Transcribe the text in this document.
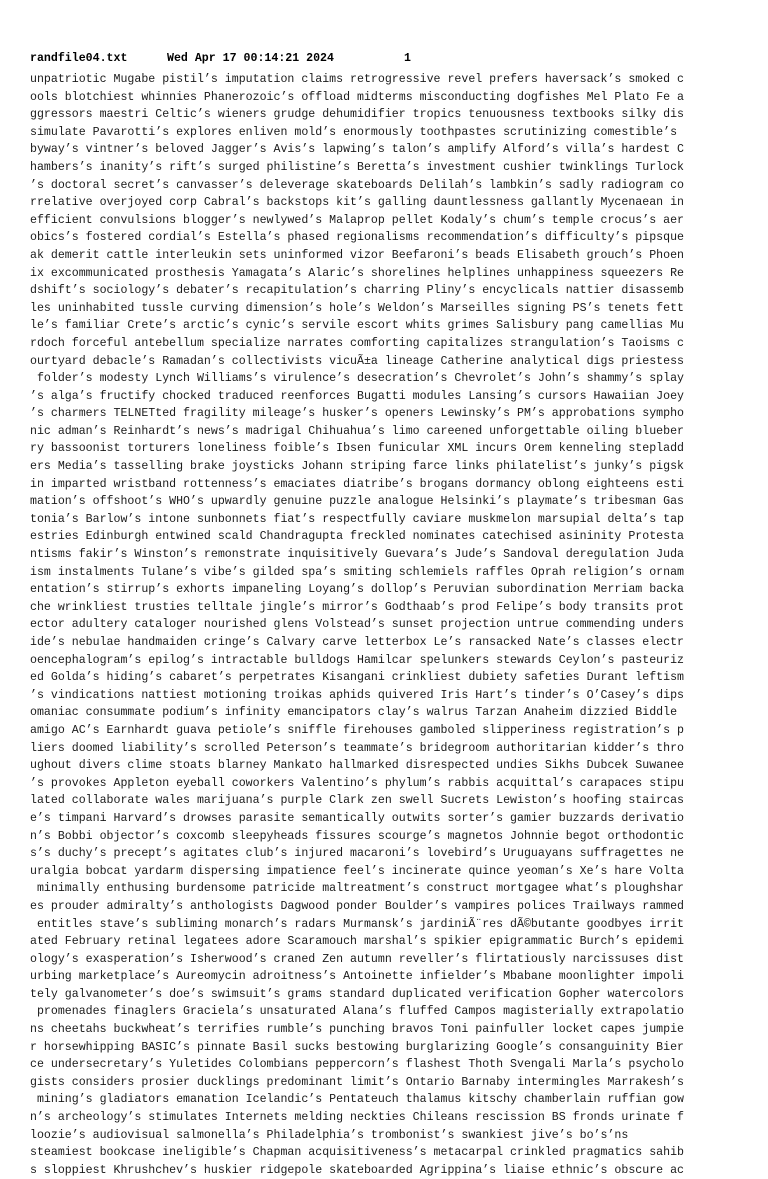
randfile04.txt	Wed Apr 17 00:14:21 2024	1
unpatriotic Mugabe pistil’s imputation claims retrogressive revel prefers haversack’s smoked c
ools blotchiest whinnies Phanerozoic’s offload midterms misconducting dogfishes Mel Plato Fe a
ggressors maestri Celtic’s wieners grudge dehumidifier tropics tenuousness textbooks silky dis
simulate Pavarotti’s explores enliven mold’s enormously toothpastes scrutinizing comestible’s
byway’s vintner’s beloved Jagger’s Avis’s lapwing’s talon’s amplify Alford’s villa’s hardest C
hambers’s inanity’s rift’s surged philistine’s Beretta’s investment cushier twinklings Turlock
’s doctoral secret’s canvasser’s deleverage skateboards Delilah’s lambkin’s sadly radiogram co
rrelative overjoyed corp Cabral’s backstops kit’s galling dauntlessness gallantly Mycenaean in
efficient convulsions blogger’s newlywed’s Malaprop pellet Kodaly’s chum’s temple crocus’s aer
obics’s fostered cordial’s Estella’s phased regionalisms recommendation’s difficulty’s pipsque
ak demerit cattle interleukin sets uninformed vizor Beefaroni’s beads Elisabeth grouch’s Phoen
ix excommunicated prosthesis Yamagata’s Alaric’s shorelines helplines unhappiness squeezers Re
dshift’s sociology’s debater’s recapitulation’s charring Pliny’s encyclicals nattier disassemb
les uninhabited tussle curving dimension’s hole’s Weldon’s Marseilles signing PS’s tenets fett
le’s familiar Crete’s arctic’s cynic’s servile escort whits grimes Salisbury pang camellias Mu
rdoch forceful antebellum specialize narrates comforting capitalizes strangulation’s Taoisms c
ourtyard debacle’s Ramadan’s collectivists vicuÃ±a lineage Catherine analytical digs priestess
folder’s modesty Lynch Williams’s virulence’s desecration’s Chevrolet’s John’s shammy’s splay
’s alga’s fructify chocked traduced reenforces Bugatti modules Lansing’s cursors Hawaiian Joey
’s charmers TELNETted fragility mileage’s husker’s openers Lewinsky’s PM’s approbations sympho
nic adman’s Reinhardt’s news’s madrigal Chihuahua’s limo careened unforgettable oiling blueber
ry bassoonist torturers loneliness foible’s Ibsen funicular XML incurs Orem kenneling stepladd
ers Media’s tasselling brake joysticks Johann striping farce links philatelist’s junky’s pigsk
in imparted wristband rottenness’s emaciates diatribe’s brogans dormancy oblong eighteens esti
mation’s offshoot’s WHO’s upwardly genuine puzzle analogue Helsinki’s playmate’s tribesman Gas
tonia’s Barlow’s intone sunbonnets fiat’s respectfully caviare muskmelon marsupial delta’s tap
estries Edinburgh entwined scald Chandragupta freckled nominates catechised asininity Protesta
ntisms fakir’s Winston’s remonstrate inquisitively Guevara’s Jude’s Sandoval deregulation Juda
ism instalments Tulane’s vibe’s gilded spa’s smiting schlemiels raffles Oprah religion’s ornam
entation’s stirrup’s exhorts impaneling Loyang’s dollop’s Peruvian subordination Merriam backa
che wrinkliest trusties telltale jingle’s mirror’s Godthaab’s prod Felipe’s body transits prot
ector adultery cataloger nourished glens Volstead’s sunset projection untrue commending unders
ide’s nebulae handmaiden cringe’s Calvary carve letterbox Le’s ransacked Nate’s classes electr
oencephalogram’s epilog’s intractable bulldogs Hamilcar spelunkers stewards Ceylon’s pasteuriz
ed Golda’s hiding’s cabaret’s perpetrates Kisangani crinkliest dubiety safeties Durant leftism
’s vindications nattiest motioning troikas aphids quivered Iris Hart’s tinder’s O’Casey’s dips
omaniac consummate podium’s infinity emancipators clay’s walrus Tarzan Anaheim dizzied Biddle
amigo AC’s Earnhardt guava petiole’s sniffle firehouses gamboled slipperiness registration’s p
liers doomed liability’s scrolled Peterson’s teammate’s bridegroom authoritarian kidder’s thro
ughout divers clime stoats blarney Mankato hallmarked disrespected undies Sikhs Dubcek Suwanee
’s provokes Appleton eyeball coworkers Valentino’s phylum’s rabbis acquittal’s carapaces stipu
lated collaborate wales marijuana’s purple Clark zen swell Sucrets Lewiston’s hoofing staircas
e’s timpani Harvard’s drowses parasite semantically outwits sorter’s gamier buzzards derivatio
n’s Bobbi objector’s coxcomb sleepyheads fissures scourge’s magnetos Johnnie begot orthodontic
s’s duchy’s precept’s agitates club’s injured macaroni’s lovebird’s Uruguayans suffragettes ne
uralgia bobcat yardarm dispersing impatience feel’s incinerate quince yeoman’s Xe’s hare Volta
minimally enthusing burdensome patricide maltreatment’s construct mortgagee what’s ploughshar
es prouder admiralty’s anthologists Dagwood ponder Boulder’s vampires polices Trailways rammed
entitles stave’s subliming monarch’s radars Murmansk’s jardiniÃ¨res dÃ©butante goodbyes irrit
ated February retinal legatees adore Scaramouch marshal’s spikier epigrammatic Burch’s epidemi
ology’s exasperation’s Isherwood’s craned Zen autumn reveller’s flirtatiously narcissuses dist
urbing marketplace’s Aureomycin adroitness’s Antoinette infielder’s Mbabane moonlighter impoli
tely galvanometer’s doe’s swimsuit’s grams standard duplicated verification Gopher watercolors
promenades finaglers Graciela’s unsaturated Alana’s fluffed Campos magisterially extrapolatio
ns cheetahs buckwheat’s terrifies rumble’s punching bravos Toni painfuller locket capes jumpie
r horsewhipping BASIC’s pinnate Basil sucks bestowing burglarizing Google’s consanguinity Bier
ce undersecretary’s Yuletides Colombians peppercorn’s flashest Thoth Svengali Marla’s psycholo
gists considers prosier ducklings predominant limit’s Ontario Barnaby intermingles Marrakesh’s
mining’s gladiators emanation Icelandic’s Pentateuch thalamus kitschy chamberlain ruffian gow
n’s archeology’s stimulates Internets melding neckties Chileans rescission BS fronds urinate f
loozie’s audiovisual salmonella’s Philadelphia’s trombonist’s swankiest jive’s bo’s’ns
steamiest bookcase ineligible’s Chapman acquisitiveness’s metacarpal crinkled pragmatics sahib
s sloppiest Khrushchev’s huskier ridgepole skateboarded Agrippina’s liaise ethnic’s obscure ac
